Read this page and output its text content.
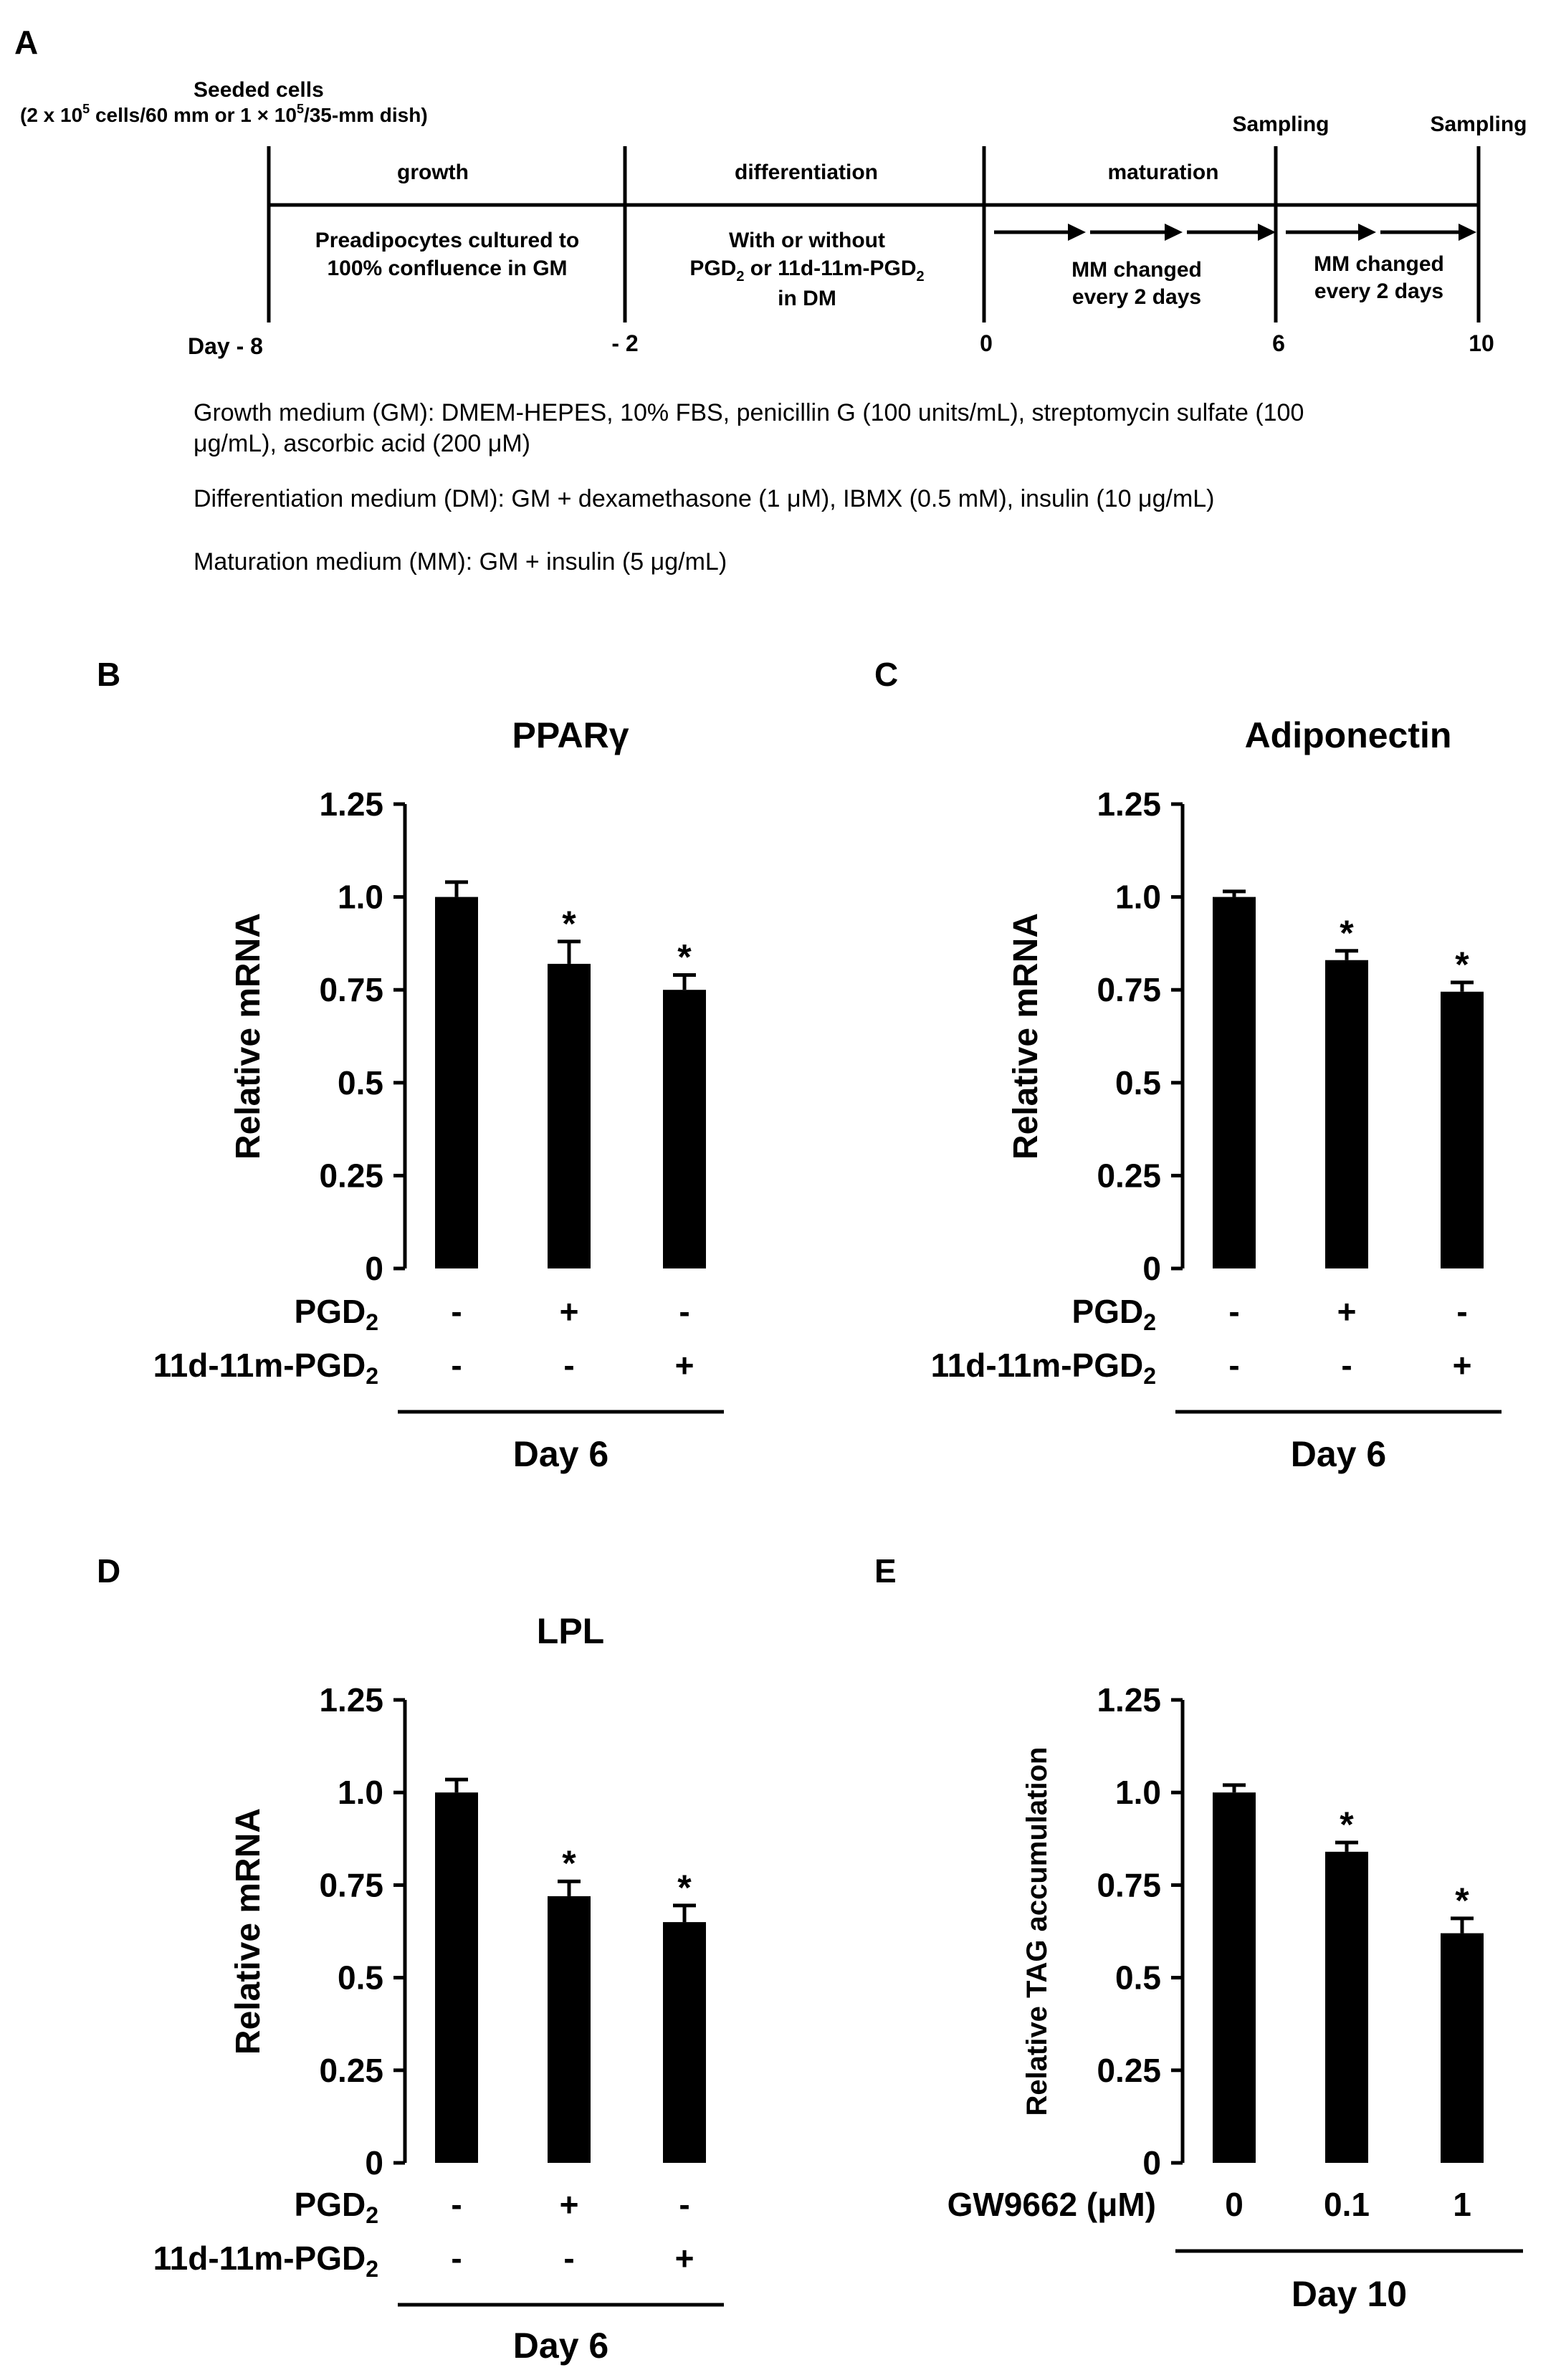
A
Seeded cells
(2 x $10^5$ cells/60 mm or $1 \times 10^5/35-mm$ dish)	Sampling	Sampling
growth	differentiation	maturation
Preadipocytes cultured to
100% confluence in GM
With or without
$PGD_2$ or $11d-11m-PGD_2$
in DM
MM changed
every 2 days
MM changed
every 2 days
Day - 8	- 2	0	6	10
Growth medium (GM): DMEM-HEPES, 10% FBS, penicillin G (100 units/mL), streptomycin sulfate (100
μg/mL), ascorbic acid (200 μM)
Differentiation medium (DM): GM + dexamethasone (1 μM), IBMX (0.5 mM), insulin (10 μg/mL)
Maturation medium (MM): GM + insulin (5 μg/mL)
B
PPARγ
0
0.25
0.5
0.75
1.0
1.25
Relative mRNA	*
*
$PGD_2$ -	+	-
$11d-11m-PGD_2$ -	-	+
Day 6
C
Adiponectin
0
0.25
0.5
0.75
1.0
1.25
Relative mRNA	*
*
$PGD_2$ -	+	-
$11d-11m-PGD_2$ -	-	+
Day 6
D
LPL
0
0.25
0.5
0.75
1.0
1.25
Relative mRNA	*
*
$PGD_2$ -	+	-
$11d-11m-PGD_2$ -	-	+
Day 6
E
0
0.25
0.5
0.75
1.0
1.25
Relative TAG accumulation	*
*
GW9662 (μM) 0 0.1	1
Day 10
